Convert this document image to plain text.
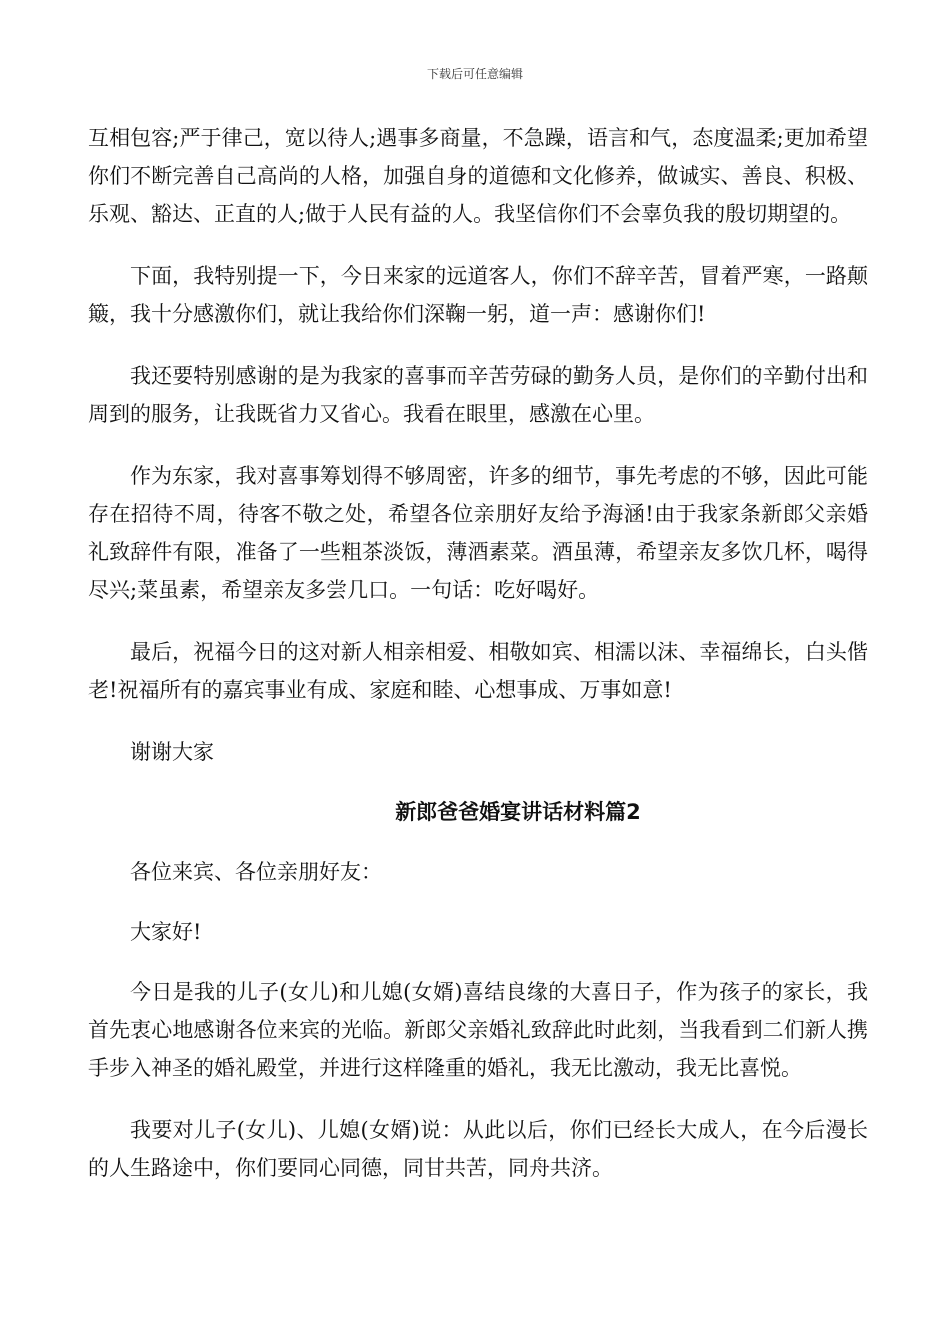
下载后可任意编辑

互相包容;严于律己，宽以待人;遇事多商量，不急躁，语言和气，态度温柔;更加希望你们不断完善自己高尚的人格，加强自身的道德和文化修养，做诚实、善良、积极、乐观、豁达、正直的人;做于人民有益的人。我坚信你们不会辜负我的殷切期望的。

下面，我特别提一下，今日来家的远道客人，你们不辞辛苦，冒着严寒，一路颠簸，我十分感激你们，就让我给你们深鞠一躬，道一声：感谢你们!

我还要特别感谢的是为我家的喜事而辛苦劳碌的勤务人员，是你们的辛勤付出和周到的服务，让我既省力又省心。我看在眼里，感激在心里。

作为东家，我对喜事筹划得不够周密，许多的细节，事先考虑的不够，因此可能存在招待不周，待客不敬之处，希望各位亲朋好友给予海涵!由于我家条新郎父亲婚礼致辞件有限，准备了一些粗茶淡饭，薄酒素菜。酒虽薄，希望亲友多饮几杯，喝得尽兴;菜虽素，希望亲友多尝几口。一句话：吃好喝好。

最后，祝福今日的这对新人相亲相爱、相敬如宾、相濡以沫、幸福绵长，白头偕老!祝福所有的嘉宾事业有成、家庭和睦、心想事成、万事如意!

谢谢大家

新郎爸爸婚宴讲话材料篇2

各位来宾、各位亲朋好友：

大家好!

今日是我的儿子(女儿)和儿媳(女婿)喜结良缘的大喜日子，作为孩子的家长，我首先衷心地感谢各位来宾的光临。新郎父亲婚礼致辞此时此刻，当我看到二们新人携手步入神圣的婚礼殿堂，并进行这样隆重的婚礼，我无比激动，我无比喜悦。

我要对儿子(女儿)、儿媳(女婿)说：从此以后，你们已经长大成人，在今后漫长的人生路途中，你们要同心同德，同甘共苦，同舟共济。
